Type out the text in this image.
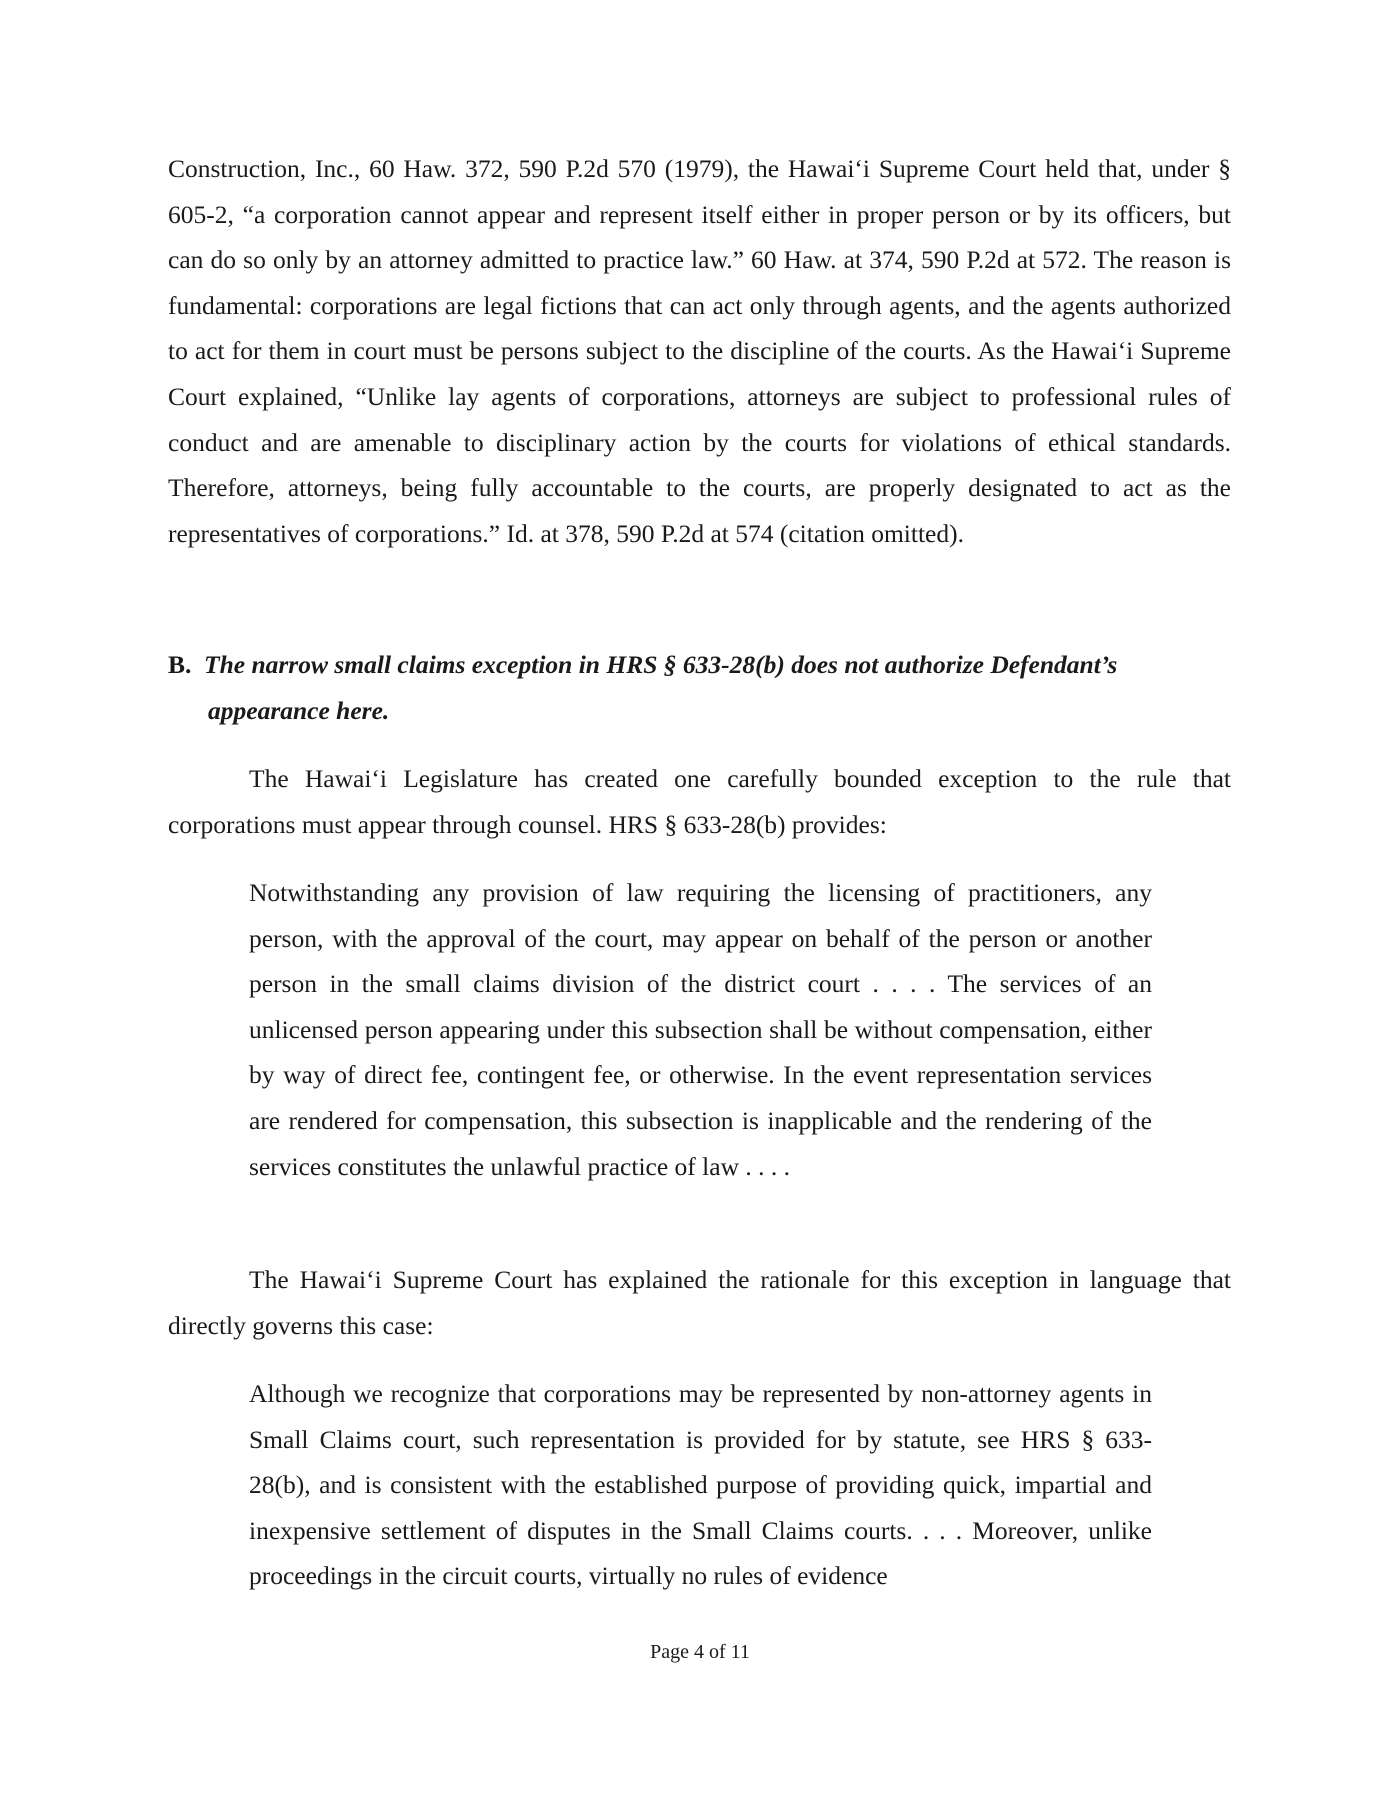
Construction, Inc., 60 Haw. 372, 590 P.2d 570 (1979), the Hawai‘i Supreme Court held that, under § 605-2, “a corporation cannot appear and represent itself either in proper person or by its officers, but can do so only by an attorney admitted to practice law.” 60 Haw. at 374, 590 P.2d at 572. The reason is fundamental: corporations are legal fictions that can act only through agents, and the agents authorized to act for them in court must be persons subject to the discipline of the courts. As the Hawai‘i Supreme Court explained, “Unlike lay agents of corporations, attorneys are subject to professional rules of conduct and are amenable to disciplinary action by the courts for violations of ethical standards. Therefore, attorneys, being fully accountable to the courts, are properly designated to act as the representatives of corporations.” Id. at 378, 590 P.2d at 574 (citation omitted).

B. The narrow small claims exception in HRS § 633-28(b) does not authorize Defendant’s
appearance here.

The Hawai‘i Legislature has created one carefully bounded exception to the rule that corporations must appear through counsel. HRS § 633-28(b) provides:

Notwithstanding any provision of law requiring the licensing of practitioners, any person, with the approval of the court, may appear on behalf of the person or another person in the small claims division of the district court . . . . The services of an unlicensed person appearing under this subsection shall be without compensation, either by way of direct fee, contingent fee, or otherwise. In the event representation services are rendered for compensation, this subsection is inapplicable and the rendering of the services constitutes the unlawful practice of law . . . .

The Hawai‘i Supreme Court has explained the rationale for this exception in language that directly governs this case:

Although we recognize that corporations may be represented by non-attorney agents in Small Claims court, such representation is provided for by statute, see HRS § 633-28(b), and is consistent with the established purpose of providing quick, impartial and inexpensive settlement of disputes in the Small Claims courts. . . . Moreover, unlike proceedings in the circuit courts, virtually no rules of evidence

Page 4 of 11
